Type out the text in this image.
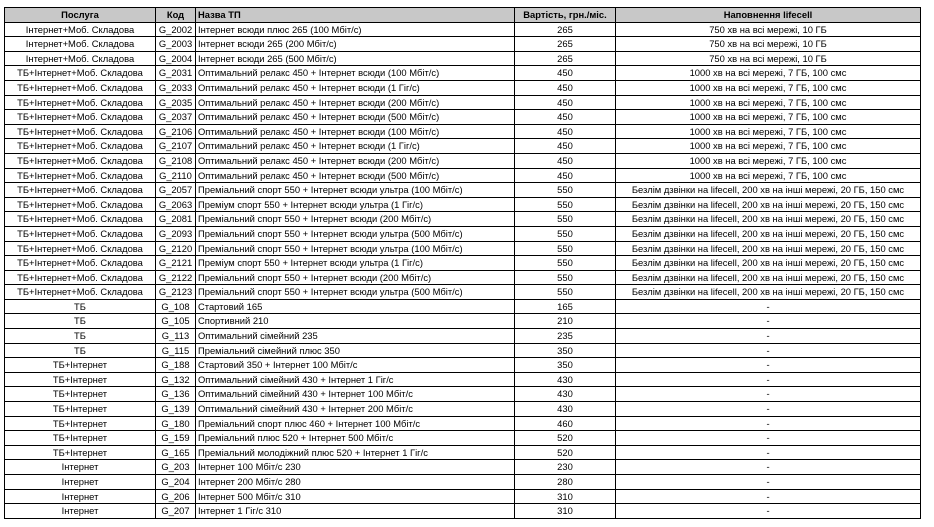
Послуга	Код	Назва ТП	Вартість, грн./міс.	Наповнення lifecell
Інтернет+Моб. Складова	G_2002	Інтернет всюди плюс 265 (100 Мбіт/с)	265	750 хв на всі мережі, 10 ГБ
Інтернет+Моб. Складова	G_2003	Інтернет всюди 265 (200 Мбіт/с)	265	750 хв на всі мережі, 10 ГБ
Інтернет+Моб. Складова	G_2004	Інтернет всюди 265 (500 Мбіт/с)	265	750 хв на всі мережі, 10 ГБ
ТБ+Інтернет+Моб. Складова	G_2031	Оптимальний релакс 450 + Інтернет всюди (100 Мбіт/с)	450	1000 хв на всі мережі, 7 ГБ, 100 смс
ТБ+Інтернет+Моб. Складова	G_2033	Оптимальний релакс 450 + Інтернет всюди (1 Гіг/с)	450	1000 хв на всі мережі, 7 ГБ, 100 смс
ТБ+Інтернет+Моб. Складова	G_2035	Оптимальний релакс 450 + Інтернет всюди (200 Мбіт/с)	450	1000 хв на всі мережі, 7 ГБ, 100 смс
ТБ+Інтернет+Моб. Складова	G_2037	Оптимальний релакс 450 + Інтернет всюди (500 Мбіт/с)	450	1000 хв на всі мережі, 7 ГБ, 100 смс
ТБ+Інтернет+Моб. Складова	G_2106	Оптимальний релакс 450 + Інтернет всюди (100 Мбіт/с)	450	1000 хв на всі мережі, 7 ГБ, 100 смс
ТБ+Інтернет+Моб. Складова	G_2107	Оптимальний релакс 450 + Інтернет всюди (1 Гіг/с)	450	1000 хв на всі мережі, 7 ГБ, 100 смс
ТБ+Інтернет+Моб. Складова	G_2108	Оптимальний релакс 450 + Інтернет всюди (200 Мбіт/с)	450	1000 хв на всі мережі, 7 ГБ, 100 смс
ТБ+Інтернет+Моб. Складова	G_2110	Оптимальний релакс 450 + Інтернет всюди (500 Мбіт/с)	450	1000 хв на всі мережі, 7 ГБ, 100 смс
ТБ+Інтернет+Моб. Складова	G_2057	Преміальний спорт 550 + Інтернет всюди ультра (100 Мбіт/с)	550	Безлім дзвінки на lifecell, 200 хв на інші мережі, 20 ГБ, 150 смс
ТБ+Інтернет+Моб. Складова	G_2063	Преміум спорт 550 + Інтернет всюди ультра (1 Гіг/с)	550	Безлім дзвінки на lifecell, 200 хв на інші мережі, 20 ГБ, 150 смс
ТБ+Інтернет+Моб. Складова	G_2081	Преміальний спорт 550 + Інтернет всюди (200 Мбіт/с)	550	Безлім дзвінки на lifecell, 200 хв на інші мережі, 20 ГБ, 150 смс
ТБ+Інтернет+Моб. Складова	G_2093	Преміальний спорт 550 + Інтернет всюди ультра (500 Мбіт/с)	550	Безлім дзвінки на lifecell, 200 хв на інші мережі, 20 ГБ, 150 смс
ТБ+Інтернет+Моб. Складова	G_2120	Преміальний спорт 550 + Інтернет всюди ультра (100 Мбіт/с)	550	Безлім дзвінки на lifecell, 200 хв на інші мережі, 20 ГБ, 150 смс
ТБ+Інтернет+Моб. Складова	G_2121	Преміум спорт 550 + Інтернет всюди ультра (1 Гіг/с)	550	Безлім дзвінки на lifecell, 200 хв на інші мережі, 20 ГБ, 150 смс
ТБ+Інтернет+Моб. Складова	G_2122	Преміальний спорт 550 + Інтернет всюди (200 Мбіт/с)	550	Безлім дзвінки на lifecell, 200 хв на інші мережі, 20 ГБ, 150 смс
ТБ+Інтернет+Моб. Складова	G_2123	Преміальний спорт 550 + Інтернет всюди ультра (500 Мбіт/с)	550	Безлім дзвінки на lifecell, 200 хв на інші мережі, 20 ГБ, 150 смс
ТБ	G_108	Стартовий 165	165	-
ТБ	G_105	Спортивний 210	210	-
ТБ	G_113	Оптимальний сімейний 235	235	-
ТБ	G_115	Преміальний сімейний плюс 350	350	-
ТБ+Інтернет	G_188	Стартовий 350 + Інтернет 100 Мбіт/с	350	-
ТБ+Інтернет	G_132	Оптимальний сімейний 430 + Інтернет 1 Гіг/с	430	-
ТБ+Інтернет	G_136	Оптимальний сімейний 430 + Інтернет 100 Мбіт/с	430	-
ТБ+Інтернет	G_139	Оптимальний сімейний 430 + Інтернет 200 Мбіт/с	430	-
ТБ+Інтернет	G_180	Преміальний спорт плюс 460 + Інтернет 100 Мбіт/с	460	-
ТБ+Інтернет	G_159	Преміальний плюс 520 + Інтернет 500 Мбіт/с	520	-
ТБ+Інтернет	G_165	Преміальний молодіжний плюс 520 + Інтернет 1 Гіг/с	520	-
Інтернет	G_203	Інтернет 100 Мбіт/с 230	230	-
Інтернет	G_204	Інтернет 200 Мбіт/с 280	280	-
Інтернет	G_206	Інтернет 500 Мбіт/с 310	310	-
Інтернет	G_207	Інтернет 1 Гіг/с 310	310	-
